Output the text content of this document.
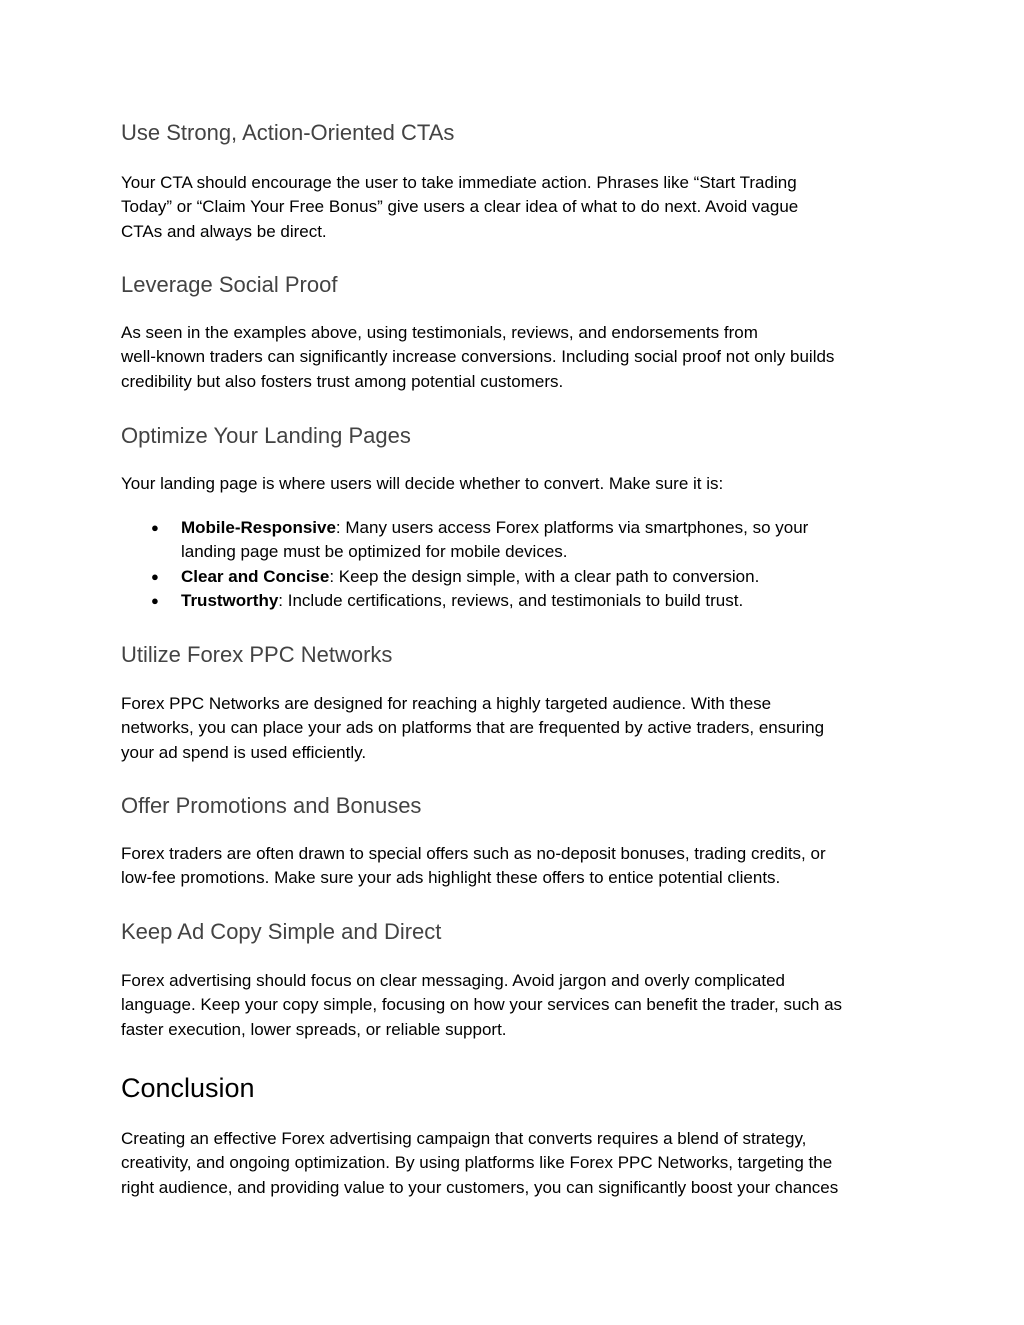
Use Strong, Action-Oriented CTAs

Your CTA should encourage the user to take immediate action. Phrases like “Start Trading
Today” or “Claim Your Free Bonus” give users a clear idea of what to do next. Avoid vague
CTAs and always be direct.

Leverage Social Proof

As seen in the examples above, using testimonials, reviews, and endorsements from
well-known traders can significantly increase conversions. Including social proof not only builds
credibility but also fosters trust among potential customers.

Optimize Your Landing Pages

Your landing page is where users will decide whether to convert. Make sure it is:

● Mobile-Responsive: Many users access Forex platforms via smartphones, so your
landing page must be optimized for mobile devices.
● Clear and Concise: Keep the design simple, with a clear path to conversion.
● Trustworthy: Include certifications, reviews, and testimonials to build trust.
Utilize Forex PPC Networks

Forex PPC Networks are designed for reaching a highly targeted audience. With these
networks, you can place your ads on platforms that are frequented by active traders, ensuring
your ad spend is used efficiently.

Offer Promotions and Bonuses

Forex traders are often drawn to special offers such as no-deposit bonuses, trading credits, or
low-fee promotions. Make sure your ads highlight these offers to entice potential clients.

Keep Ad Copy Simple and Direct

Forex advertising should focus on clear messaging. Avoid jargon and overly complicated
language. Keep your copy simple, focusing on how your services can benefit the trader, such as
faster execution, lower spreads, or reliable support.

Conclusion

Creating an effective Forex advertising campaign that converts requires a blend of strategy,
creativity, and ongoing optimization. By using platforms like Forex PPC Networks, targeting the
right audience, and providing value to your customers, you can significantly boost your chances
